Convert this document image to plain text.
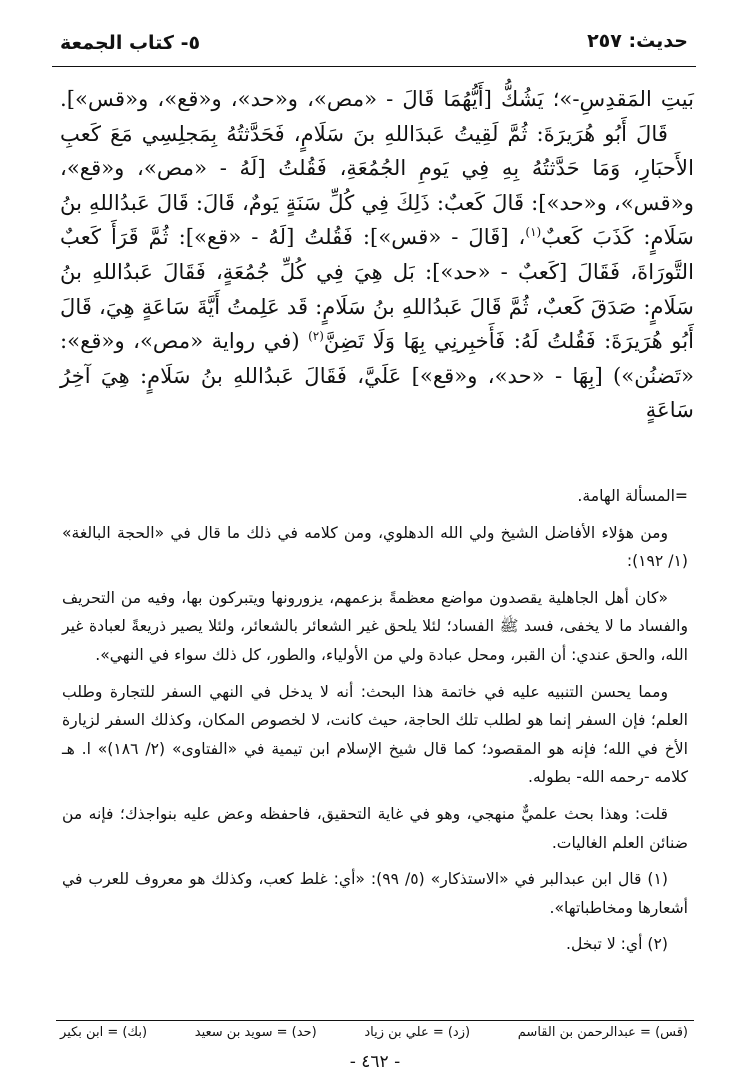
حديث: ٢٥٧
٥- كتاب الجمعة

بَيتِ المَقدِسِ-»؛ يَشُكُّ [أَيُّهُمَا قَالَ - «مص»، و«حد»، و«قع»، و«قس»].

قَالَ أَبُو هُرَيرَةَ: ثُمَّ لَقِيتُ عَبدَاللهِ بنَ سَلَامٍ، فَحَدَّثتُهُ بِمَجلِسِي مَعَ كَعبِ الأَحبَارِ، وَمَا حَدَّثتُهُ بِهِ فِي يَومِ الجُمُعَةِ، فَقُلتُ [لَهُ - «مص»، و«قع»، و«قس»، و«حد»]: قَالَ كَعبٌ: ذَلِكَ فِي كُلِّ سَنَةٍ يَومٌ، قَالَ: قَالَ عَبدُاللهِ بنُ سَلَامٍ: كَذَبَ كَعبٌ$^{(١)}$، [قَالَ - «قس»]: فَقُلتُ [لَهُ - «قع»]: ثُمَّ قَرَأَ كَعبٌ التَّورَاةَ، فَقَالَ [كَعبٌ - «حد»]: بَل هِيَ فِي كُلِّ جُمُعَةٍ، فَقَالَ عَبدُاللهِ بنُ سَلَامٍ: صَدَقَ كَعبٌ، ثُمَّ قَالَ عَبدُاللهِ بنُ سَلَامٍ: قَد عَلِمتُ أَيَّةَ سَاعَةٍ هِيَ، قَالَ أَبُو هُرَيرَةَ: فَقُلتُ لَهُ: فَأَخبِرنِي بِهَا وَلَا تَضِنَّ$^{(٢)}$ (في رواية «مص»، و«قع»: «تَضنُن») [بِهَا - «حد»، و«قع»] عَلَيَّ، فَقَالَ عَبدُاللهِ بنُ سَلَامٍ: هِيَ آخِرُ سَاعَةٍ

=المسألة الهامة.

ومن هؤلاء الأفاضل الشيخ ولي الله الدهلوي، ومن كلامه في ذلك ما قال في «الحجة البالغة» (١/ ١٩٢):

«كان أهل الجاهلية يقصدون مواضع معظمةً بزعمهم، يزورونها ويتبركون بها، وفيه من التحريف والفساد ما لا يخفى، فسد ﷺ الفساد؛ لئلا يلحق غير الشعائر بالشعائر، ولئلا يصير ذريعةً لعبادة غير الله، والحق عندي: أن القبر، ومحل عبادة ولي من الأولياء، والطور، كل ذلك سواء في النهي».

ومما يحسن التنبيه عليه في خاتمة هذا البحث: أنه لا يدخل في النهي السفر للتجارة وطلب العلم؛ فإن السفر إنما هو لطلب تلك الحاجة، حيث كانت، لا لخصوص المكان، وكذلك السفر لزيارة الأخ في الله؛ فإنه هو المقصود؛ كما قال شيخ الإسلام ابن تيمية في «الفتاوى» (٢/ ١٨٦)» ا. هـ كلامه -رحمه الله- بطوله.

قلت: وهذا بحث علميٌّ منهجي، وهو في غاية التحقيق، فاحفظه وعض عليه بنواجذك؛ فإنه من ضنائن العلم الغاليات.

(١) قال ابن عبدالبر في «الاستذكار» (٥/ ٩٩): «أي: غلط كعب، وكذلك هو معروف للعرب في أشعارها ومخاطباتها».

(٢) أي: لا تبخل.

(قس) = عبدالرحمن بن القاسم
(زد) = علي بن زياد
(حد) = سويد بن سعيد
(بك) = ابن بكير
- ٤٦٢ -
